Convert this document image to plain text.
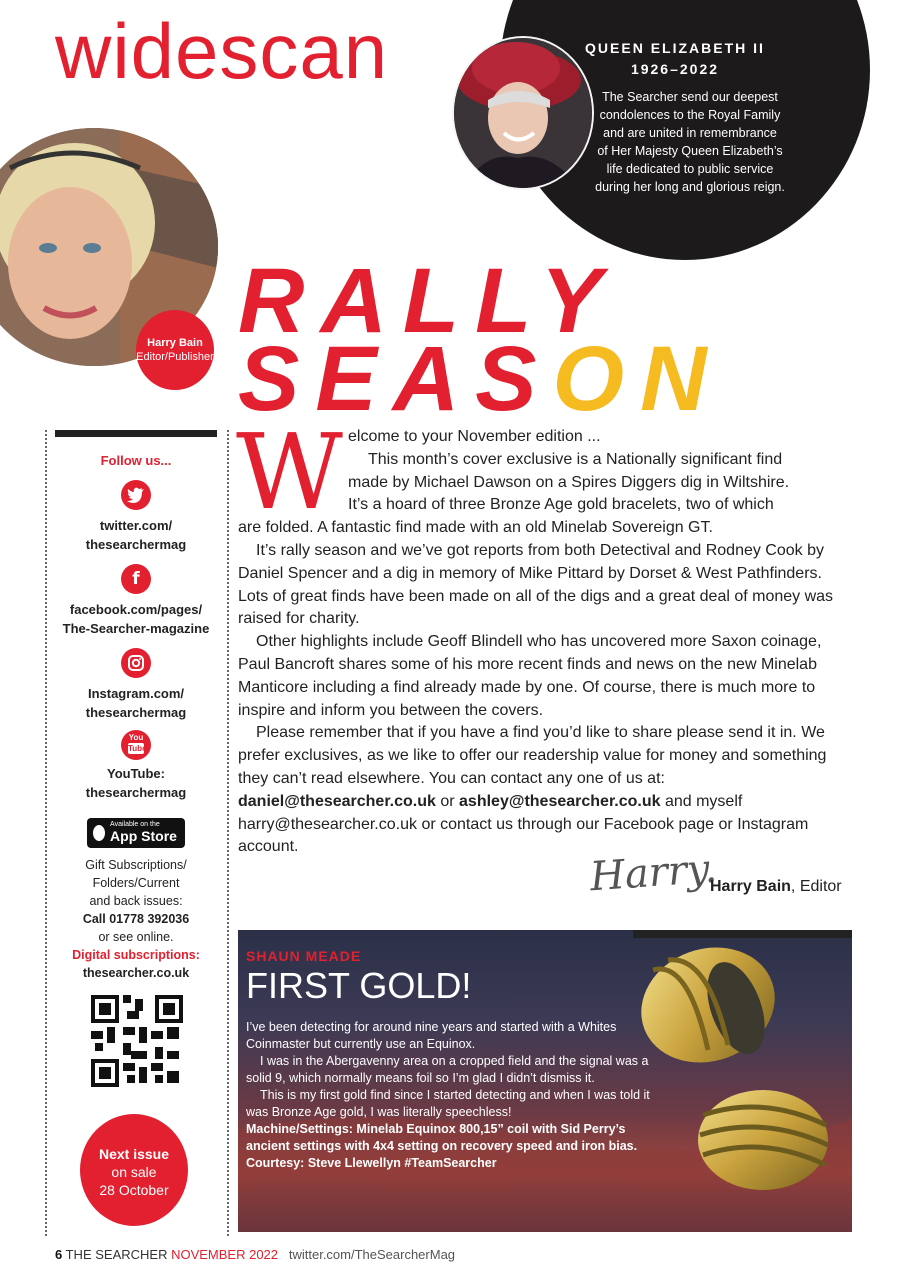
widescan	QUEEN ELIZABETH II
1926–2022
The Searcher send our deepest
condolences to the Royal Family
and are united in remembrance
of Her Majesty Queen Elizabeth’s
life dedicated to public service
during her long and glorious reign.
Harry Bain
Editor/Publisher
RALLY
SEASON
Follow us...
twitter.com/
thesearchermag
f
facebook.com/pages/
The-Searcher-magazine
Instagram.com/
thesearchermag
You
Tube
YouTube:
thesearchermag
Available on the
App Store
Gift Subscriptions/
Folders/Current
and back issues:
Call 01778 392036
or see online.
Digital subscriptions:
thesearcher.co.uk
Next issue
on sale
28 October
W elcome to your November edition ...
This month’s cover exclusive is a Nationally significant find
made by Michael Dawson on a Spires Diggers dig in Wiltshire.
It’s a hoard of three Bronze Age gold bracelets, two of which
are folded. A fantastic find made with an old Minelab Sovereign GT.

It’s rally season and we’ve got reports from both Detectival and Rodney Cook by Daniel Spencer and a dig in memory of Mike Pittard by Dorset & West Pathfinders. Lots of great finds have been made on all of the digs and a great deal of money was raised for charity.

Other highlights include Geoff Blindell who has uncovered more Saxon coinage, Paul Bancroft shares some of his more recent finds and news on the new Minelab Manticore including a find already made by one. Of course, there is much more to inspire and inform you between the covers.

Please remember that if you have a find you’d like to share please send it in. We prefer exclusives, as we like to offer our readership value for money and something they can’t read elsewhere. You can contact any one of us at: daniel@thesearcher.co.uk or ashley@thesearcher.co.uk and myself harry@thesearcher.co.uk or contact us through our Facebook page or Instagram account.	Harry.
Harry Bain, Editor
SHAUN MEADE
FIRST GOLD!

I’ve been detecting for around nine years and started with a Whites Coinmaster but currently use an Equinox.

I was in the Abergavenny area on a cropped field and the signal was a solid 9, which normally means foil so I’m glad I didn’t dismiss it.

This is my first gold find since I started detecting and when I was told it was Bronze Age gold, I was literally speechless!

Machine/Settings: Minelab Equinox 800,15” coil with Sid Perry’s ancient settings with 4x4 setting on recovery speed and iron bias. Courtesy: Steve Llewellyn #TeamSearcher

6 THE SEARCHER NOVEMBER 2022 twitter.com/TheSearcherMag
